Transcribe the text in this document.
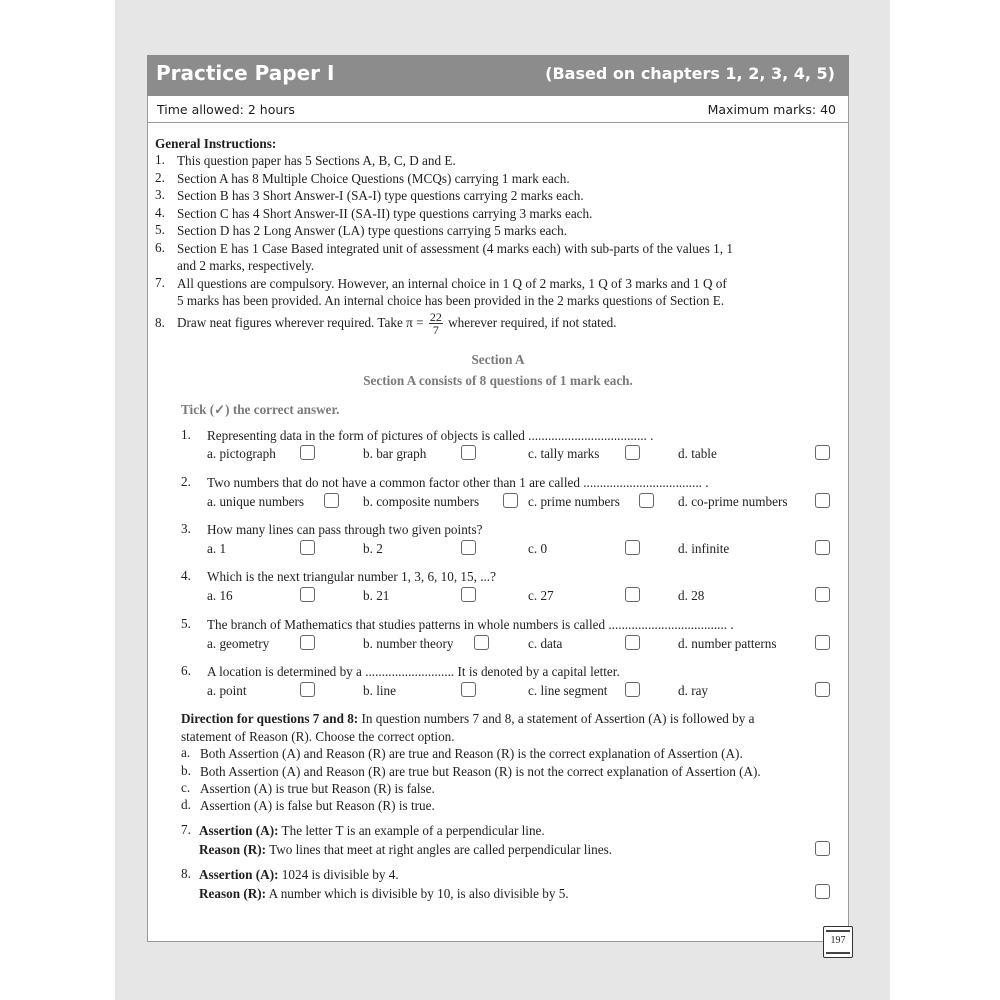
Practice Paper I	(Based on chapters 1, 2, 3, 4, 5)
Time allowed: 2 hours	Maximum marks: 40
General Instructions:
1. This question paper has 5 Sections A, B, C, D and E.
2. Section A has 8 Multiple Choice Questions (MCQs) carrying 1 mark each.
3. Section B has 3 Short Answer-I (SA-I) type questions carrying 2 marks each.
4. Section C has 4 Short Answer-II (SA-II) type questions carrying 3 marks each.
5. Section D has 2 Long Answer (LA) type questions carrying 5 marks each.
6. Section E has 1 Case Based integrated unit of assessment (4 marks each) with sub-parts of the values 1, 1
and 2 marks, respectively.
7. All questions are compulsory. However, an internal choice in 1 Q of 2 marks, 1 Q of 3 marks and 1 Q of
5 marks has been provided. An internal choice has been provided in the 2 marks questions of Section E.
8. Draw neat figures wherever required. Take $\pi = \frac{22}{7}$ wherever required, if not stated.
Section A
Section A consists of 8 questions of 1 mark each.
Tick (✓) the correct answer.
1. Representing data in the form of pictures of objects is called .................................... .
a. pictograph	b. bar graph	c. tally marks	d. table
2. Two numbers that do not have a common factor other than 1 are called .................................... .
a. unique numbers	b. composite numbers	c. prime numbers	d. co-prime numbers
3. How many lines can pass through two given points?
a. 1	b. 2	c. 0	d. infinite
4. Which is the next triangular number 1, 3, 6, 10, 15, ...?
a. 16	b. 21	c. 27	d. 28
5. The branch of Mathematics that studies patterns in whole numbers is called .................................... .
a. geometry	b. number theory	c. data	d. number patterns
6. A location is determined by a ........................... It is denoted by a capital letter.
a. point	b. line	c. line segment	d. ray
Direction for questions 7 and 8: In question numbers 7 and 8, a statement of Assertion (A) is followed by a
statement of Reason (R). Choose the correct option.
a. Both Assertion (A) and Reason (R) are true and Reason (R) is the correct explanation of Assertion (A).
b. Both Assertion (A) and Reason (R) are true but Reason (R) is not the correct explanation of Assertion (A).
c. Assertion (A) is true but Reason (R) is false.
d. Assertion (A) is false but Reason (R) is true.
7. Assertion (A): The letter T is an example of a perpendicular line.
Reason (R): Two lines that meet at right angles are called perpendicular lines.
8. Assertion (A): 1024 is divisible by 4.
Reason (R): A number which is divisible by 10, is also divisible by 5.
197
